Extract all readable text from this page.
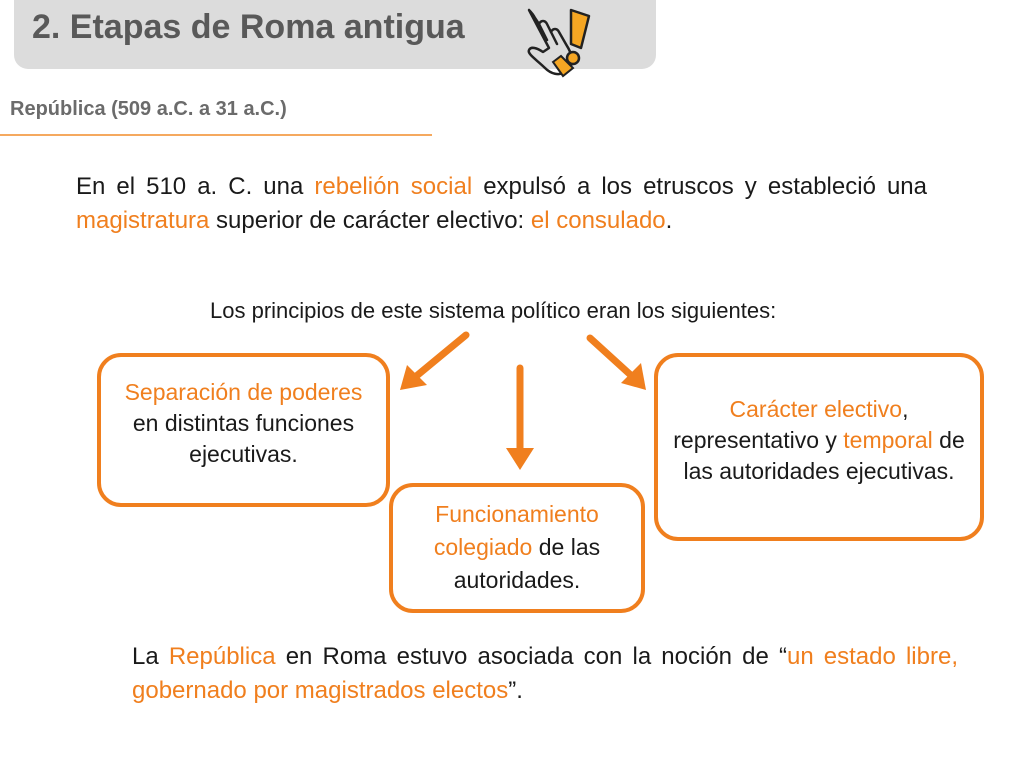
2. Etapas de Roma antigua
República (509 a.C. a 31 a.C.)
En el 510 a. C. una rebelión social expulsó a los etruscos y estableció una magistratura superior de carácter electivo: el consulado.
Los principios de este sistema político eran los siguientes:
Separación de poderes en distintas funciones ejecutivas.
Funcionamiento colegiado de las autoridades.
Carácter electivo, representativo y temporal de las autoridades ejecutivas.
La República en Roma estuvo asociada con la noción de “un estado libre, gobernado por magistrados electos”.
